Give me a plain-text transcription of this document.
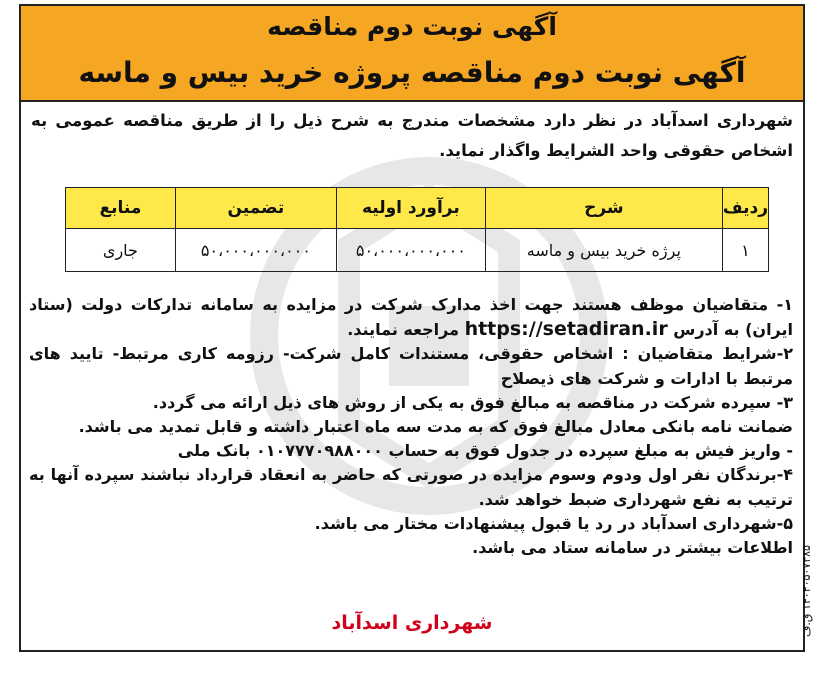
آگهی نوبت دوم مناقصه
آگهی نوبت دوم مناقصه پروژه خرید بیس و ماسه
شهرداری اسدآباد در نظر دارد مشخصات مندرج به شرح ذیل را از طریق مناقصه عمومی به اشخاص حقوقی واحد الشرایط واگذار نماید.
ردیف	شرح	برآورد اولیه	تضمین	منابع
۱	پرژه خرید بیس و ماسه	۵۰،۰۰۰،۰۰۰،۰۰۰	۵۰،۰۰۰،۰۰۰،۰۰۰	جاری

۱- متقاضیان موظف هستند جهت اخذ مدارک شرکت در مزایده به سامانه تدارکات دولت (ستاد ایران) به آدرس https://setadiran.ir مراجعه نمایند.

۲-شرایط متقاضیان : اشخاص حقوقی، مستندات کامل شرکت- رزومه کاری مرتبط- تایید های مرتبط با ادارات و شرکت های ذیصلاح

۳- سپرده شرکت در مناقصه به مبالغ فوق به یکی از روش های ذیل ارائه می گردد.

ضمانت نامه بانکی معادل مبالغ فوق که به مدت سه ماه اعتبار داشته و قابل تمدید می باشد.

- واریز فیش به مبلغ سپرده در جدول فوق به حساب ۰۱۰۷۷۷۰۹۸۸۰۰۰ بانک ملی

۴-برندگان نفر اول ودوم وسوم مزایده در صورتی که حاضر به انعقاد قرارداد نباشند سپرده آنها به ترتیب به نفع شهرداری ضبط خواهد شد.

۵-شهرداری اسدآباد در رد یا قبول پیشنهادات مختار می باشد.

اطلاعات بیشتر در سامانه ستاد می باشد.

شهرداری اسدآباد	۱۴۰۴۰۵۰۷۳۸۵ ق.ف
